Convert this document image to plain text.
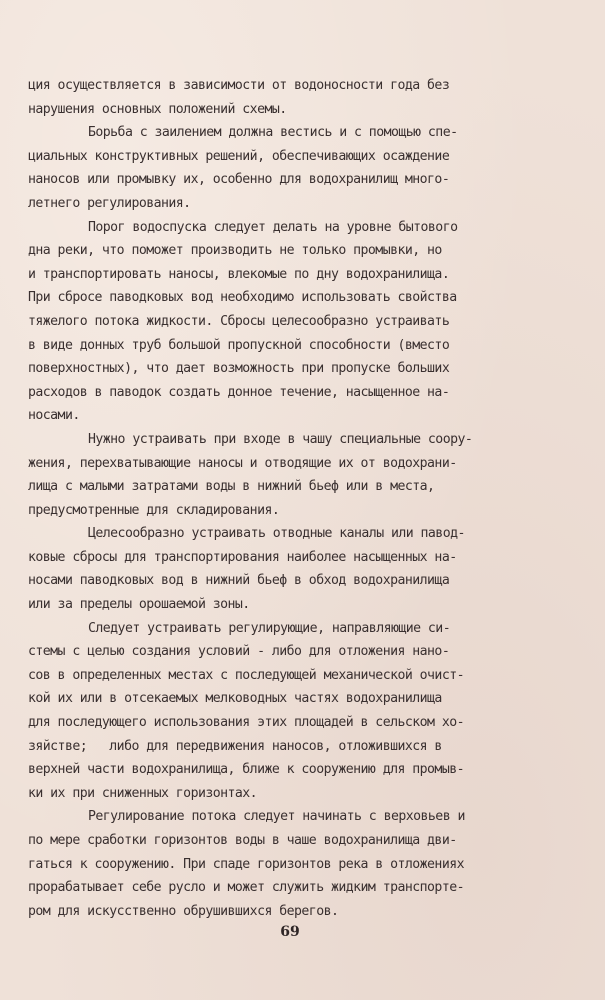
ция осуществляется в зависимости от водоносности года без
нарушения основных положений схемы.
Борьба с заилением должна вестись и с помощью спе-
циальных конструктивных решений, обеспечивающих осаждение
наносов или промывку их, особенно для водохранилищ много-
летнего регулирования.
Порог водоспуска следует делать на уровне бытового
дна реки, что поможет производить не только промывки, но
и транспортировать наносы, влекомые по дну водохранилища.
При сбросе паводковых вод необходимо использовать свойства
тяжелого потока жидкости. Сбросы целесообразно устраивать
в виде донных труб большой пропускной способности (вместо
поверхностных), что дает возможность при пропуске больших
расходов в паводок создать донное течение, насыщенное на-
носами.
Нужно устраивать при входе в чашу специальные соору-
жения, перехватывающие наносы и отводящие их от водохрани-
лища с малыми затратами воды в нижний бьеф или в места,
предусмотренные для складирования.
Целесообразно устраивать отводные каналы или павод-
ковые сбросы для транспортирования наиболее насыщенных на-
носами паводковых вод в нижний бьеф в обход водохранилища
или за пределы орошаемой зоны.
Следует устраивать регулирующие, направляющие си-
стемы с целью создания условий - либо для отложения нано-
сов в определенных местах с последующей механической очист-
кой их или в отсекаемых мелководных частях водохранилища
для последующего использования этих площадей в сельском хо-
зяйстве;   либо для передвижения наносов, отложившихся в
верхней части водохранилища, ближе к сооружению для промыв-
ки их при сниженных горизонтах.
Регулирование потока следует начинать с верховьев и
по мере сработки горизонтов воды в чаше водохранилища дви-
гаться к сооружению. При спаде горизонтов река в отложениях
прорабатывает себе русло и может служить жидким транспорте-
ром для искусственно обрушившихся берегов.
69
